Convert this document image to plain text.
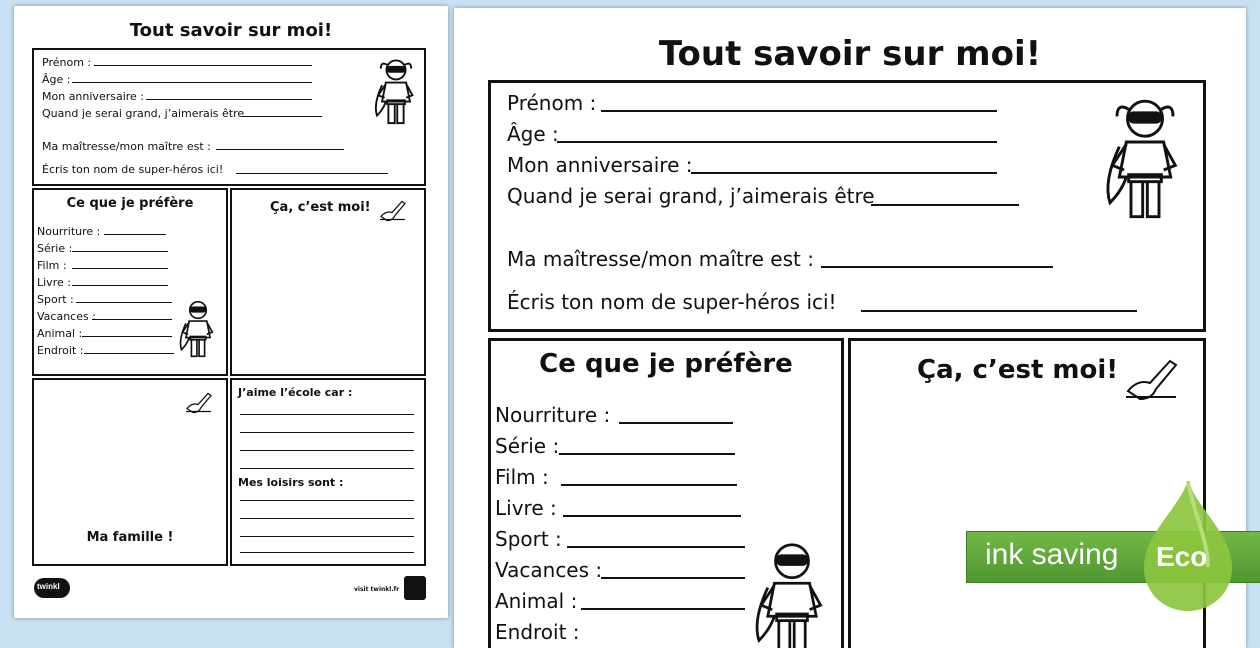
Tout savoir sur moi!
Prénom :
Âge :
Mon anniversaire :
Quand je serai grand, j’aimerais être
Ma maîtresse/mon maître est :
Écris ton nom de super-héros ici!
Ce que je préfère
Nourriture :
Série :
Film :
Livre :
Sport :
Vacances :
Animal :
Endroit :
Ça, c’est moi!
Ma famille !
J’aime l’école car :
Mes loisirs sont :
twinkl	visit twinkl.fr
Tout savoir sur moi!
Prénom :
Âge :
Mon anniversaire :
Quand je serai grand, j’aimerais être
Ma maîtresse/mon maître est :
Écris ton nom de super-héros ici!
Ce que je préfère
Nourriture :
Série :
Film :
Livre :
Sport :
Vacances :
Animal :
Endroit :
Ça, c’est moi!
ink saving Eco
